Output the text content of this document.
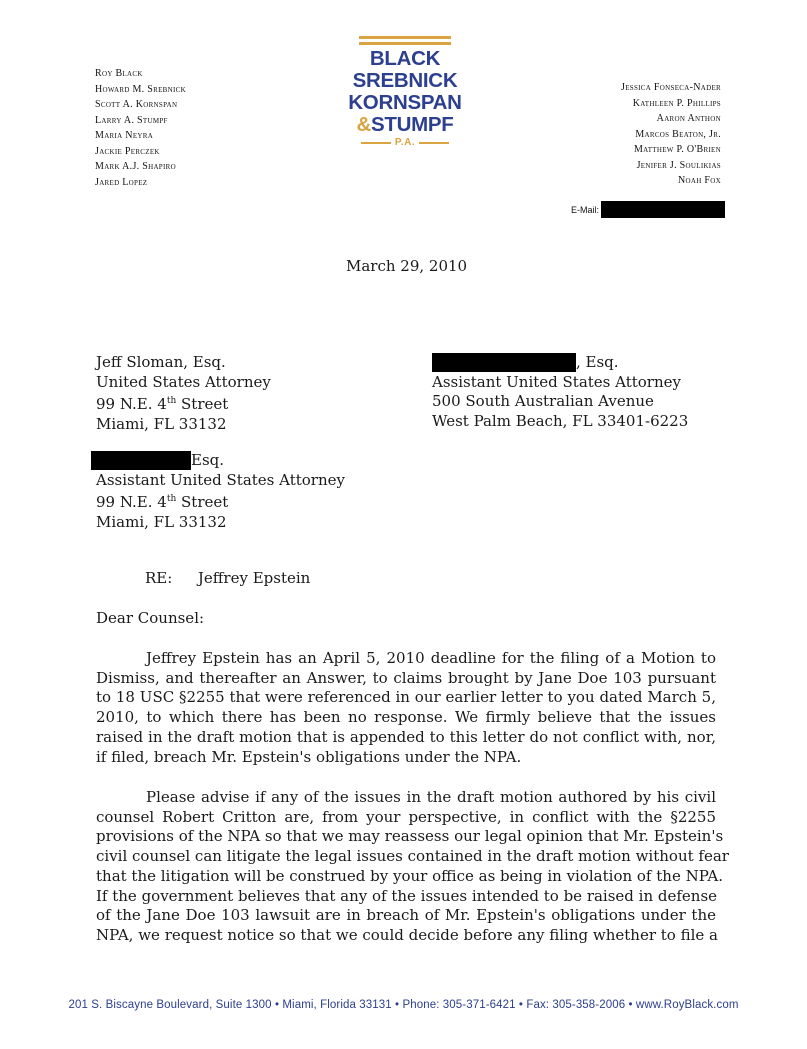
Roy Black
Howard M. Srebnick
Scott A. Kornspan
Larry A. Stumpf
Maria Neyra
Jackie Perczek
Mark A.J. Shapiro
Jared Lopez
BLACK
SREBNICK
KORNSPAN
&STUMPF
P.A.
Jessica Fonseca-Nader
Kathleen P. Phillips
Aaron Anthon
Marcos Beaton, Jr.
Matthew P. O'Brien
Jenifer J. Soulikias
Noah Fox
E-Mail:
March 29, 2010
Jeff Sloman, Esq.
United States Attorney
99 N.E. 4th Street
Miami, FL 33132
, Esq.
Assistant United States Attorney
500 South Australian Avenue
West Palm Beach, FL 33401-6223
Esq.
Assistant United States Attorney
99 N.E. 4th Street
Miami, FL 33132
RE: Jeffrey Epstein
Dear Counsel:
Jeffrey Epstein has an April 5, 2010 deadline for the filing of a Motion to
Dismiss, and thereafter an Answer, to claims brought by Jane Doe 103 pursuant
to 18 USC §2255 that were referenced in our earlier letter to you dated March 5,
2010, to which there has been no response. We firmly believe that the issues
raised in the draft motion that is appended to this letter do not conflict with, nor,
if filed, breach Mr. Epstein's obligations under the NPA.
Please advise if any of the issues in the draft motion authored by his civil
counsel Robert Critton are, from your perspective, in conflict with the §2255
provisions of the NPA so that we may reassess our legal opinion that Mr. Epstein's
civil counsel can litigate the legal issues contained in the draft motion without fear
that the litigation will be construed by your office as being in violation of the NPA.
If the government believes that any of the issues intended to be raised in defense
of the Jane Doe 103 lawsuit are in breach of Mr. Epstein's obligations under the
NPA, we request notice so that we could decide before any filing whether to file a
201 S. Biscayne Boulevard, Suite 1300 • Miami, Florida 33131 • Phone: 305-371-6421 • Fax: 305-358-2006 • www.RoyBlack.com
